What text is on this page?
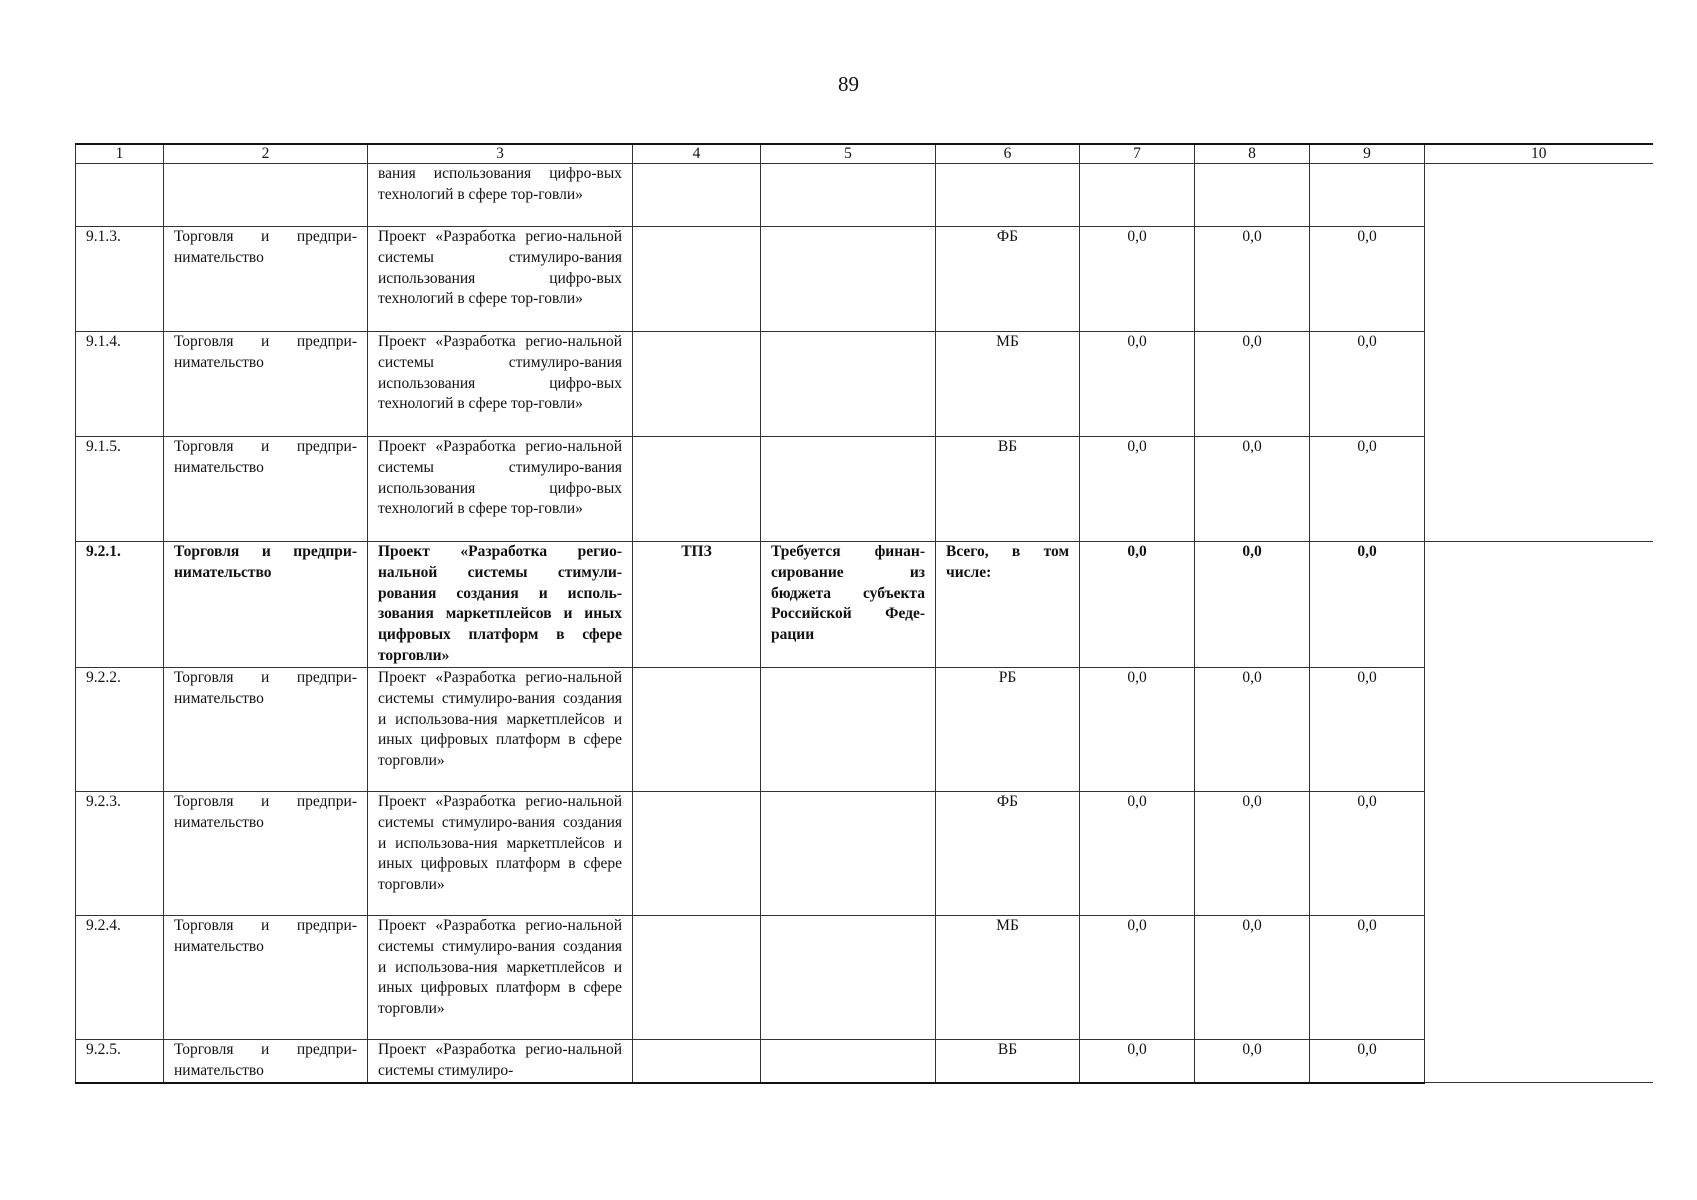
89
1	2	3	4	5	6	7	8	9	10
		вания использования цифро-вых технологий в сфере тор-говли»							
9.1.3.	Торговля и предпри-нимательство	Проект «Разработка регио-нальной системы стимулиро-вания использования цифро-вых технологий в сфере тор-говли»			ФБ	0,0	0,0	0,0	
9.1.4.	Торговля и предпри-нимательство	Проект «Разработка регио-нальной системы стимулиро-вания использования цифро-вых технологий в сфере тор-говли»			МБ	0,0	0,0	0,0	
9.1.5.	Торговля и предпри-нимательство	Проект «Разработка регио-нальной системы стимулиро-вания использования цифро-вых технологий в сфере тор-говли»			ВБ	0,0	0,0	0,0	
9.2.1.	Торговля и предпри-нимательство	Проект «Разработка регио-нальной системы стимули-рования создания и исполь-зования маркетплейсов и иных цифровых платформ в сфере торговли»	ТПЗ	Требуется финан-сирование из бюджета субъекта Российской Феде-рации	Всего, в том числе:	0,0	0,0	0,0	
9.2.2.	Торговля и предпри-нимательство	Проект «Разработка регио-нальной системы стимулиро-вания создания и использова-ния маркетплейсов и иных цифровых платформ в сфере торговли»			РБ	0,0	0,0	0,0	
9.2.3.	Торговля и предпри-нимательство	Проект «Разработка регио-нальной системы стимулиро-вания создания и использова-ния маркетплейсов и иных цифровых платформ в сфере торговли»			ФБ	0,0	0,0	0,0	
9.2.4.	Торговля и предпри-нимательство	Проект «Разработка регио-нальной системы стимулиро-вания создания и использова-ния маркетплейсов и иных цифровых платформ в сфере торговли»			МБ	0,0	0,0	0,0	
9.2.5.	Торговля и предпри-нимательство	Проект «Разработка регио-нальной системы стимулиро-			ВБ	0,0	0,0	0,0	
